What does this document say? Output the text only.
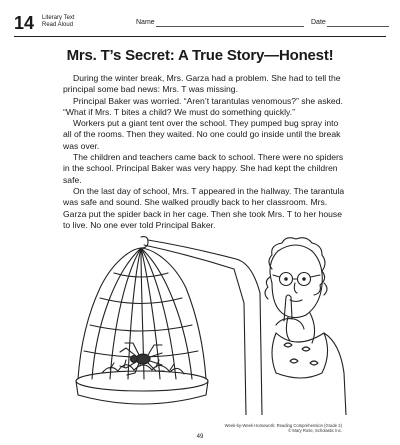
14 Literary Text
Read Aloud	Name	Date
Mrs. T’s Secret: A True Story—Honest!

During the winter break, Mrs. Garza had a problem. She had to tell the principal some bad news: Mrs. T was missing.

Principal Baker was worried. “Aren’t tarantulas venomous?” she asked. “What if Mrs. T bites a child? We must do something quickly.”

Workers put a giant tent over the school. They pumped bug spray into all of the rooms. Then they waited. No one could go inside until the break was over.

The children and teachers came back to school. There were no spiders in the school. Principal Baker was very happy. She had kept the children safe.

On the last day of school, Mrs. T appeared in the hallway. The tarantula was safe and sound. She walked proudly back to her classroom. Mrs. Garza put the spider back in her cage. Then she took Mrs. T to her house to live. No one ever told Principal Baker.

Week-by-Week Homework: Reading Comprehension (Grade 2)
© Mary Rose, Scholastic Inc.
49
